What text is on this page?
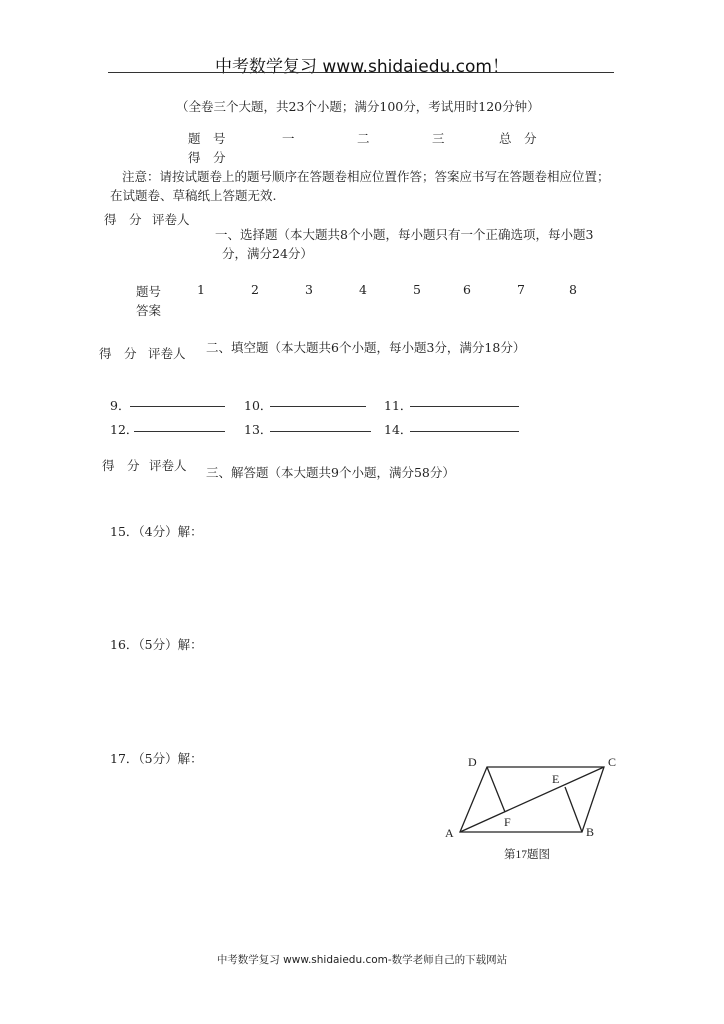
中考数学复习 www.shidaiedu.com！
（全卷三个大题，共23个小题；满分100分，考试用时120分钟）
题　号	一	二	三	总　分
得　分
注意：请按试题卷上的题号顺序在答题卷相应位置作答；答案应书写在答题卷相应位置；
在试题卷、草稿纸上答题无效.
得　分 评卷人
一、选择题（本大题共8个小题，每小题只有一个正确选项，每小题3
分，满分24分）
题号	1	2	3	4	5	6	7	8
答案
得　分 评卷人 二、填空题（本大题共6个小题，每小题3分，满分18分）
9．	10．	11．
12．	13．	14．
得　分 评卷人 三、解答题（本大题共9个小题，满分58分）
15．（4分）解：
16．（5分）解：
17．（5分）解：	D	C
E
F
A	B
第17题图
中考数学复习 www.shidaiedu.com-数学老师自己的下载网站
